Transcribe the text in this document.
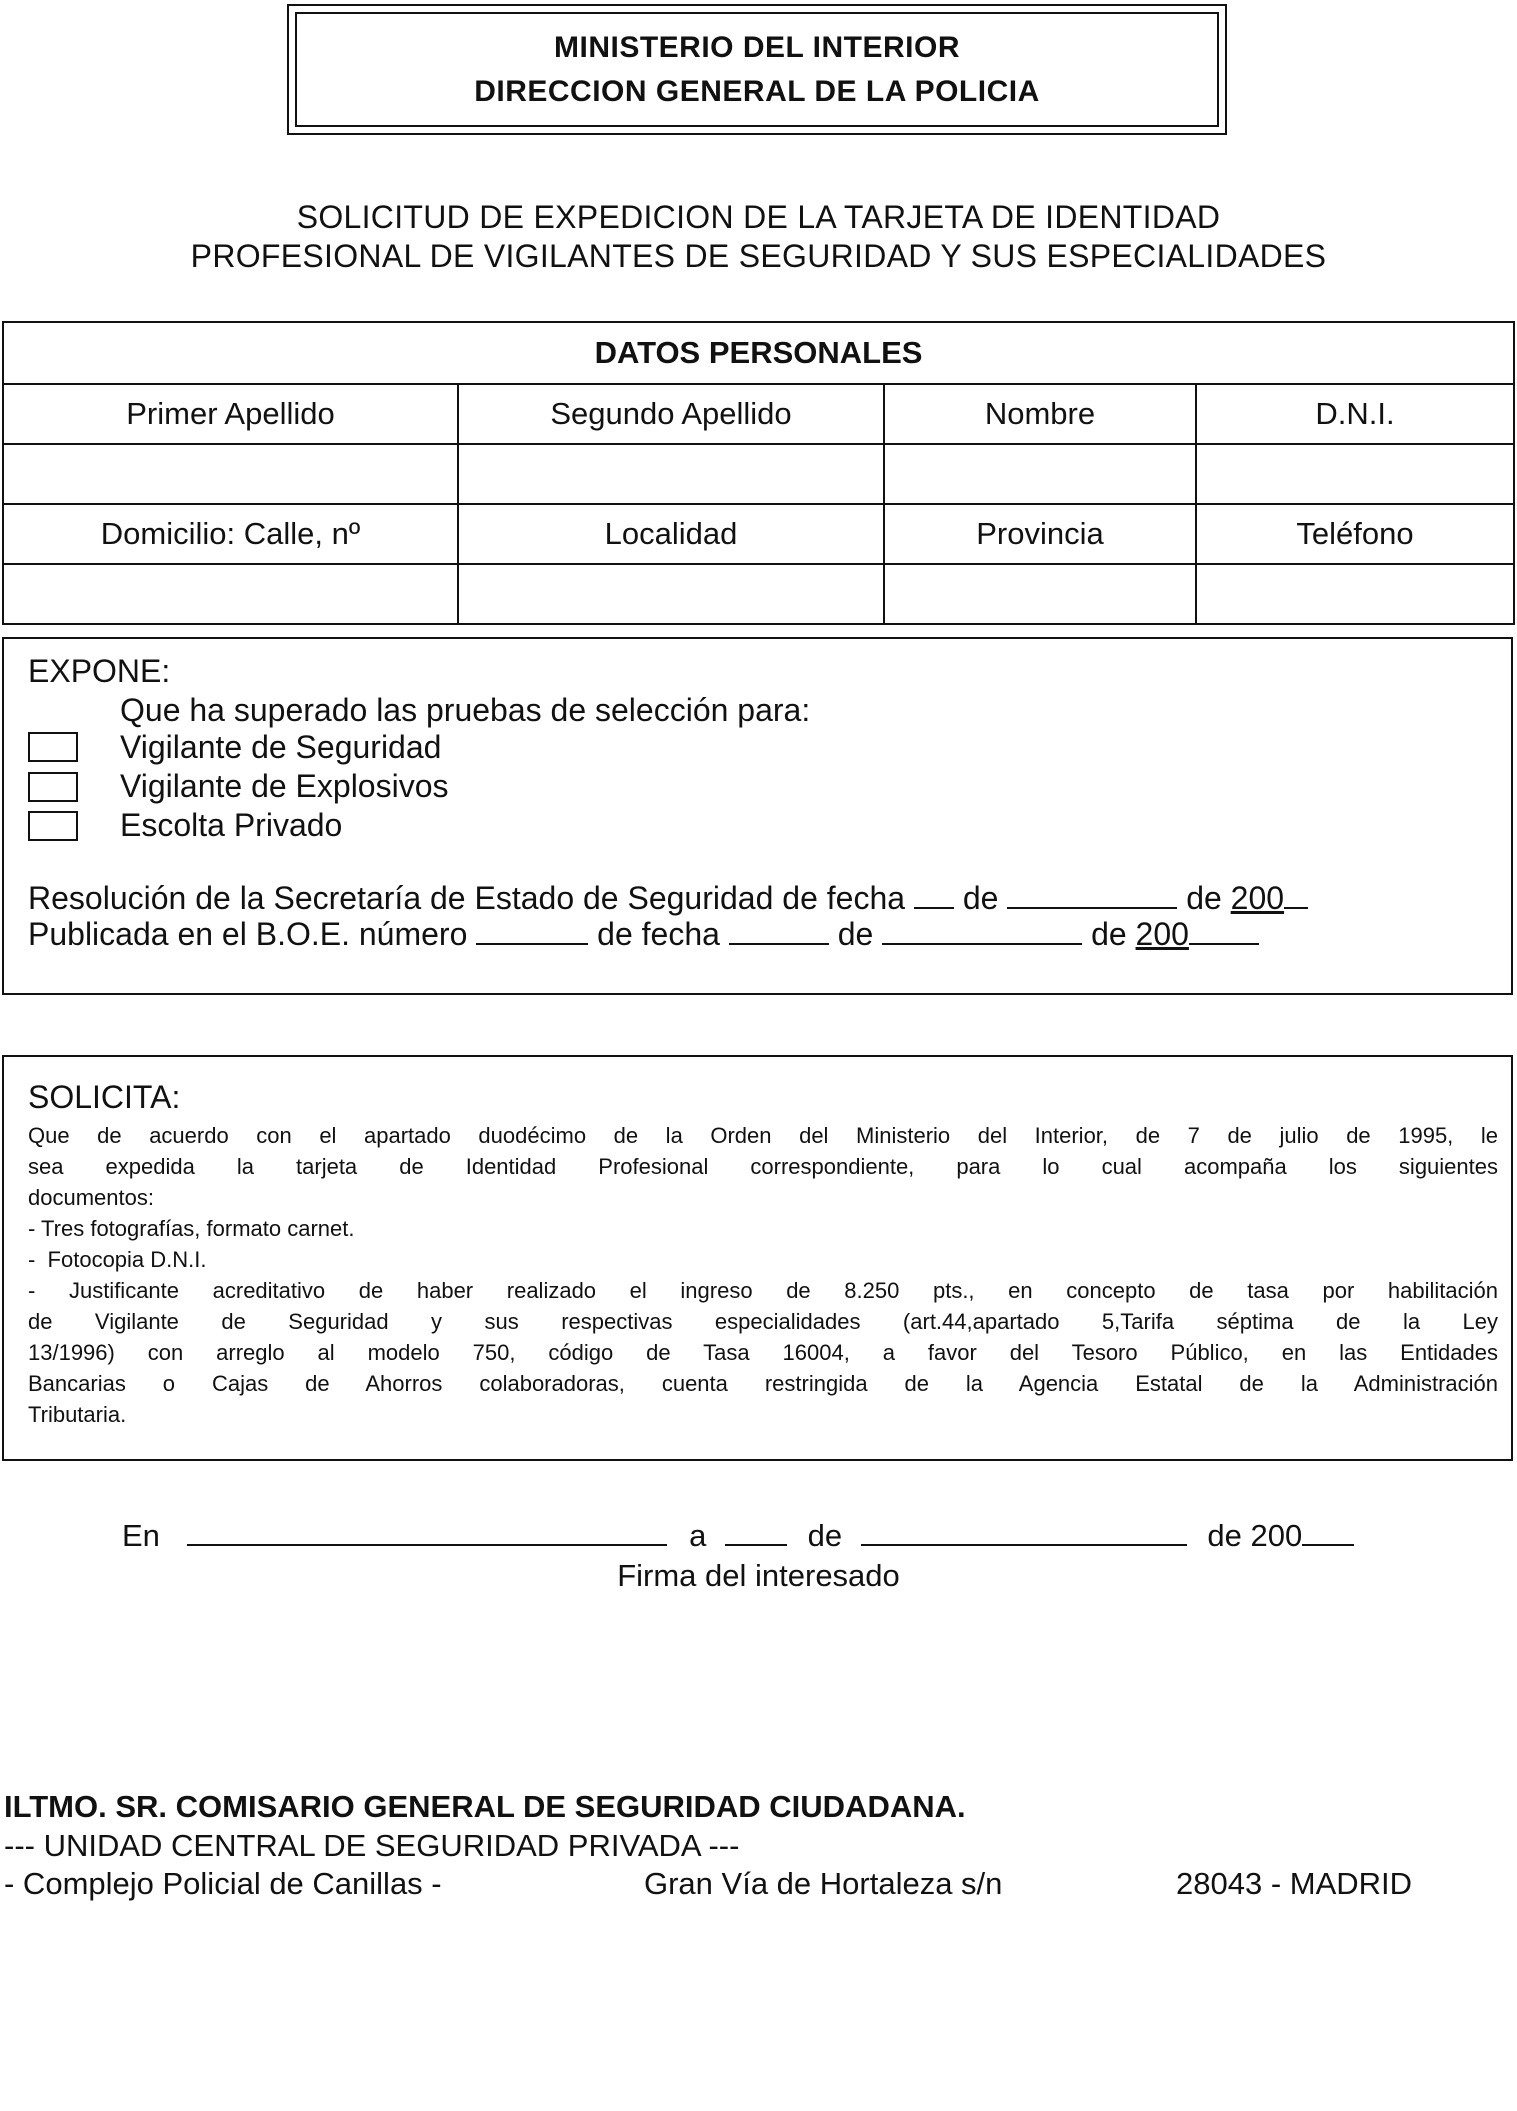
MINISTERIO DEL INTERIOR
DIRECCION GENERAL DE LA POLICIA
SOLICITUD DE EXPEDICION DE LA TARJETA DE IDENTIDAD
PROFESIONAL DE VIGILANTES DE SEGURIDAD Y SUS ESPECIALIDADES
DATOS PERSONALES			
Primer Apellido	Segundo Apellido	Nombre	D.N.I.

Domicilio: Calle, nº	Localidad	Provincia	Teléfono

EXPONE:
Que ha superado las pruebas de selección para:
Vigilante de Seguridad
Vigilante de Explosivos
Escolta Privado
Resolución de la Secretaría de Estado de Seguridad de fecha de	de 200
Publicada en el B.O.E. número	de fecha	de	de 200
SOLICITA:
Que de acuerdo con el apartado duodécimo de la Orden del Ministerio del Interior, de 7 de julio de 1995, le
sea expedida la tarjeta de Identidad Profesional correspondiente, para lo cual acompaña los siguientes
documentos:
- Tres fotografías, formato carnet.
-  Fotocopia D.N.I.
- Justificante acreditativo de haber realizado el ingreso de 8.250 pts., en concepto de tasa por habilitación
de Vigilante de Seguridad y sus respectivas especialidades (art.44,apartado 5,Tarifa séptima de la Ley
13/1996) con arreglo al modelo 750, código de Tasa 16004, a favor del Tesoro Público, en las Entidades
Bancarias o Cajas de Ahorros colaboradoras, cuenta restringida de la Agencia Estatal de la Administración
Tributaria.
En	a	de	de 200
Firma del interesado
ILTMO. SR. COMISARIO GENERAL DE SEGURIDAD CIUDADANA.
--- UNIDAD CENTRAL DE SEGURIDAD PRIVADA ---
- Complejo Policial de Canillas -	Gran Vía de Hortaleza s/n	28043 - MADRID
